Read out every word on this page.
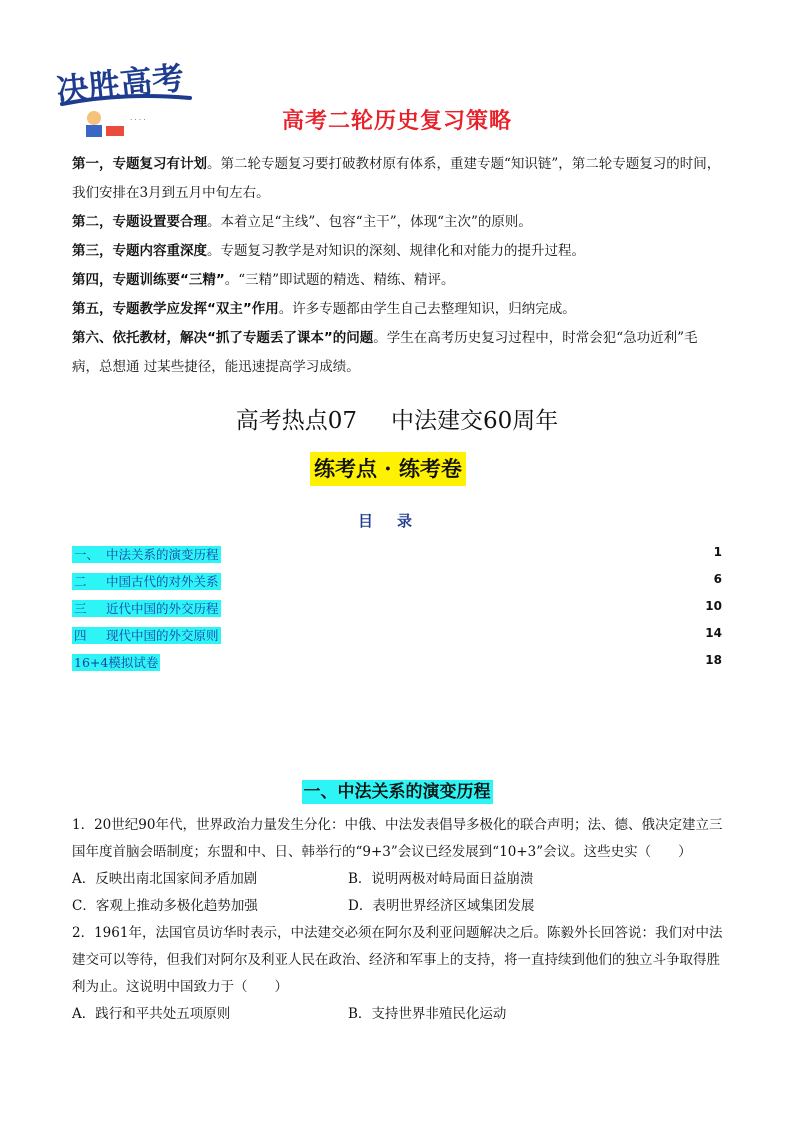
决胜高考
· · · ·	高考二轮历史复习策略

第一，专题复习有计划。第二轮专题复习要打破教材原有体系，重建专题“知识链”，第二轮专题复习的时间，我们安排在3月到五月中旬左右。

第二，专题设置要合理。本着立足“主线”、包容“主干”，体现“主次”的原则。

第三，专题内容重深度。专题复习教学是对知识的深刻、规律化和对能力的提升过程。

第四，专题训练要“三精”。“三精”即试题的精选、精练、精评。

第五，专题教学应发挥“双主”作用。许多专题都由学生自己去整理知识，归纳完成。

第六、依托教材，解决“抓了专题丢了课本”的问题。学生在高考历史复习过程中，时常会犯“急功近利”毛病，总想通 过某些捷径，能迅速提高学习成绩。

高考热点07 中法建交60周年
练考点 · 练考卷
目录
一、 中法关系的演变历程	1
二 中国古代的对外关系	6
三 近代中国的外交历程	10
四 现代中国的外交原则	14
16+4模拟试卷	18
一、中法关系的演变历程

1．20世纪90年代，世界政治力量发生分化：中俄、中法发表倡导多极化的联合声明；法、德、俄决定建立三国年度首脑会晤制度；东盟和中、日、韩举行的“9+3”会议已经发展到“10+3”会议。这些史实（　　）

A．反映出南北国家间矛盾加剧	B．说明两极对峙局面日益崩溃
C．客观上推动多极化趋势加强	D．表明世界经济区域集团发展

2．1961年，法国官员访华时表示，中法建交必须在阿尔及利亚问题解决之后。陈毅外长回答说：我们对中法建交可以等待，但我们对阿尔及利亚人民在政治、经济和军事上的支持，将一直持续到他们的独立斗争取得胜利为止。这说明中国致力于（　　）

A．践行和平共处五项原则	B．支持世界非殖民化运动
